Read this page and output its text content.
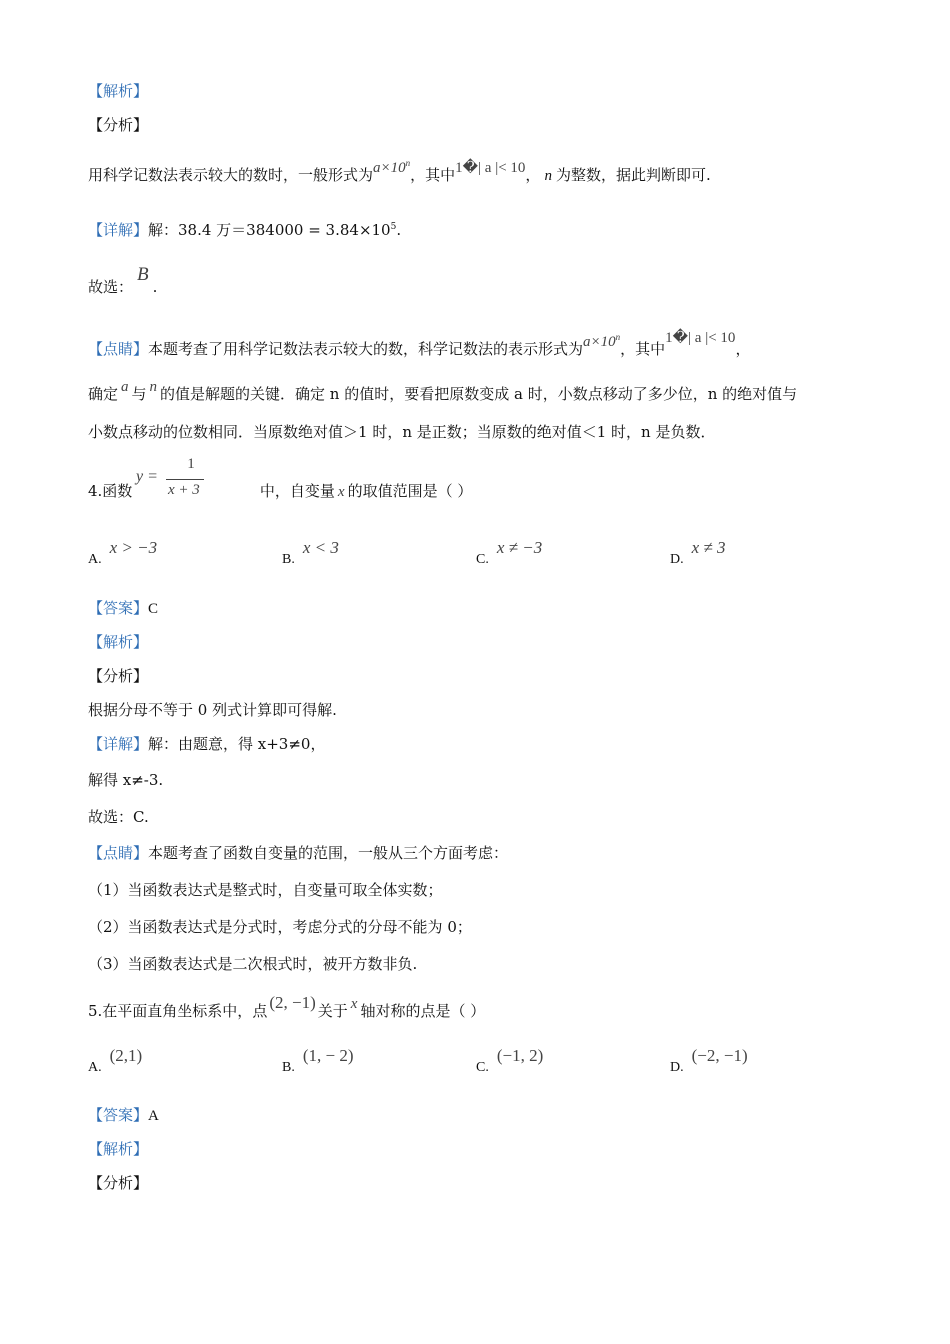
【解析】
【分析】
用科学记数法表示较大的数时，一般形式为$a\times 10^n$，其中1�| a |< 10， n 为整数，据此判断即可.
【详解】解：38.4 万$=384000 = 3.84\times 10^5$.
故选：B.
【点睛】本题考查了用科学记数法表示较大的数，科学记数法的表示形式为$a\times 10^n$，其中1�| a |< 10，
确定 a 与 n 的值是解题的关键．确定 n 的值时，要看把原数变成 a 时，小数点移动了多少位，n 的绝对值与
小数点移动的位数相同．当原数绝对值＞1 时，n 是正数；当原数的绝对值＜1 时，n 是负数．
4.函数	中，自变量 x 的取值范围是（ ）
y =
1
x + 3
A.x > −3
B.x < 3
C.x ≠ −3
D.x ≠ 3
【答案】C
【解析】
【分析】
根据分母不等于 0 列式计算即可得解.
【详解】解：由题意，得 x+3≠0，
解得 x≠-3.
故选：C.
【点睛】本题考查了函数自变量的范围，一般从三个方面考虑：
（1）当函数表达式是整式时，自变量可取全体实数；
（2）当函数表达式是分式时，考虑分式的分母不能为 0；
（3）当函数表达式是二次根式时，被开方数非负.
5.在平面直角坐标系中，点 (2, −1) 关于 x 轴对称的点是（ ）
A.(2,1)
B.(1, − 2)
C.(−1, 2)
D.(−2, −1)
【答案】A
【解析】
【分析】
